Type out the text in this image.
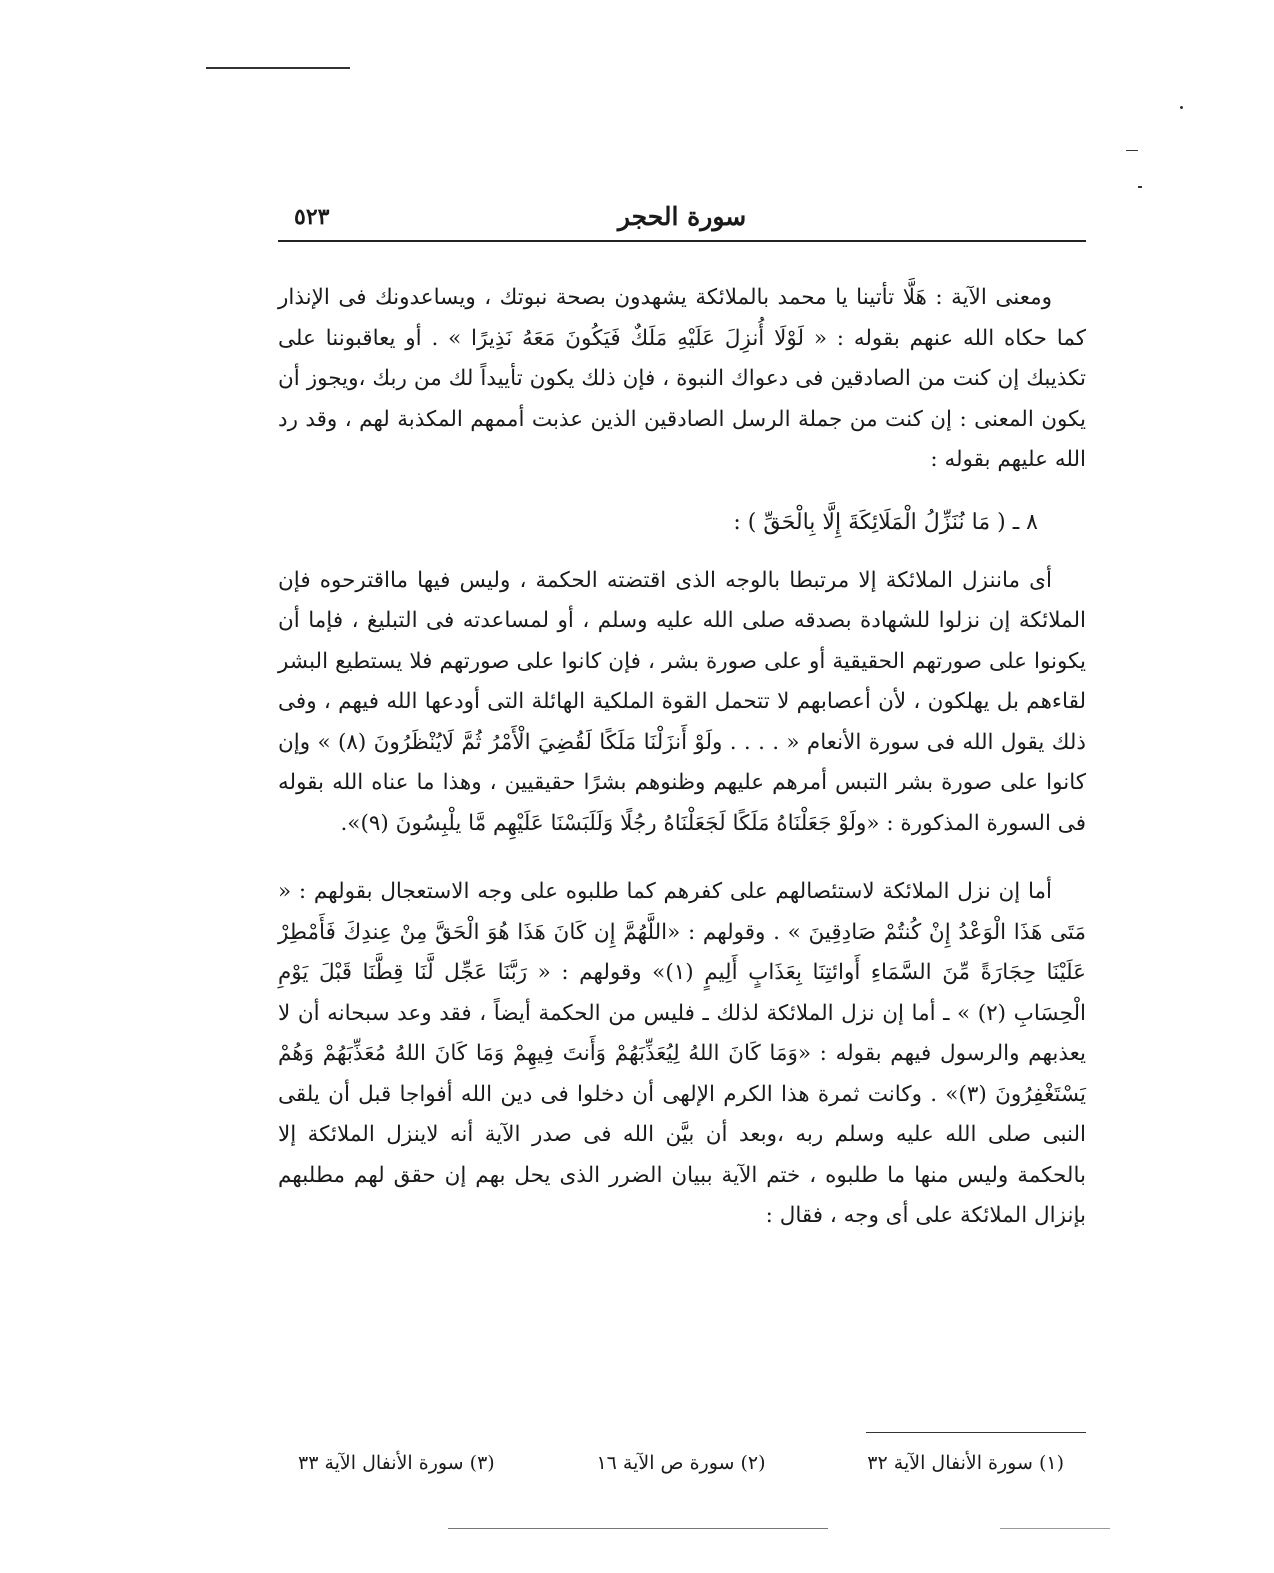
سورة الحجر
٥٢٣

ومعنى الآية : هَلَّا تأتينا يا محمد بالملائكة يشهدون بصحة نبوتك ، ويساعدونك فى الإنذار كما حكاه الله عنهم بقوله : « لَوْلَا أُنزِلَ عَلَيْهِ مَلَكٌ فَيَكُونَ مَعَهُ نَذِيرًا » . أو يعاقبوننا على تكذيبك إن كنت من الصادقين فى دعواك النبوة ، فإن ذلك يكون تأييداً لك من ربك ،ويجوز أن يكون المعنى : إن كنت من جملة الرسل الصادقين الذين عذبت أممهم المكذبة لهم ، وقد رد الله عليهم بقوله :

٨ ـ ( مَا نُنَزِّلُ الْمَلَائِكَةَ إِلَّا بِالْحَقِّ ) :

أى ماننزل الملائكة إلا مرتبطا بالوجه الذى اقتضته الحكمة ، وليس فيها مااقترحوه فإن الملائكة إن نزلوا للشهادة بصدقه صلى الله عليه وسلم ، أو لمساعدته فى التبليغ ، فإما أن يكونوا على صورتهم الحقيقية أو على صورة بشر ، فإن كانوا على صورتهم فلا يستطيع البشر لقاءهم بل يهلكون ، لأن أعصابهم لا تتحمل القوة الملكية الهائلة التى أودعها الله فيهم ، وفى ذلك يقول الله فى سورة الأنعام « . . . . ولَوْ أَنزَلْنَا مَلَكًا لَقُضِيَ الْأَمْرُ ثُمَّ لَايُنْظَرُونَ (٨) » وإن كانوا على صورة بشر التبس أمرهم عليهم وظنوهم بشرًا حقيقيين ، وهذا ما عناه الله بقوله فى السورة المذكورة : «ولَوْ جَعَلْنَاهُ مَلَكًا لَجَعَلْنَاهُ رجُلًا وَلَلَبَسْنَا عَلَيْهِم مَّا يلْبِسُونَ (٩)».

أما إن نزل الملائكة لاستئصالهم على كفرهم كما طلبوه على وجه الاستعجال بقولهم : « مَتَى هَذَا الْوَعْدُ إِنْ كُنتُمْ صَادِقِينَ » . وقولهم : «اللَّهُمَّ إِن كَانَ هَذَا هُوَ الْحَقَّ مِنْ عِندِكَ فَأَمْطِرْ عَلَيْنَا حِجَارَةً مِّنَ السَّمَاءِ أَوائتِنَا بِعَذَابٍ أَلِيمٍ (١)» وقولهم : « رَبَّنَا عَجِّل لَّنَا قِطَّنَا قَبْلَ يَوْمِ الْحِسَابِ (٢) » ـ أما إن نزل الملائكة لذلك ـ فليس من الحكمة أيضاً ، فقد وعد سبحانه أن لا يعذبهم والرسول فيهم بقوله : «وَمَا كَانَ اللهُ لِيُعَذِّبَهُمْ وَأَنتَ فِيهِمْ وَمَا كَانَ اللهُ مُعَذِّبَهُمْ وَهُمْ يَسْتَغْفِرُونَ (٣)» . وكانت ثمرة هذا الكرم الإلهى أن دخلوا فى دين الله أفواجا قبل أن يلقى النبى صلى الله عليه وسلم ربه ،وبعد أن بيَّن الله فى صدر الآية أنه لاينزل الملائكة إلا بالحكمة وليس منها ما طلبوه ، ختم الآية ببيان الضرر الذى يحل بهم إن حقق لهم مطلبهم بإنزال الملائكة على أى وجه ، فقال :

(١) سورة الأنفال الآية ٣٢
(٢) سورة ص الآية ١٦
(٣) سورة الأنفال الآية ٣٣
